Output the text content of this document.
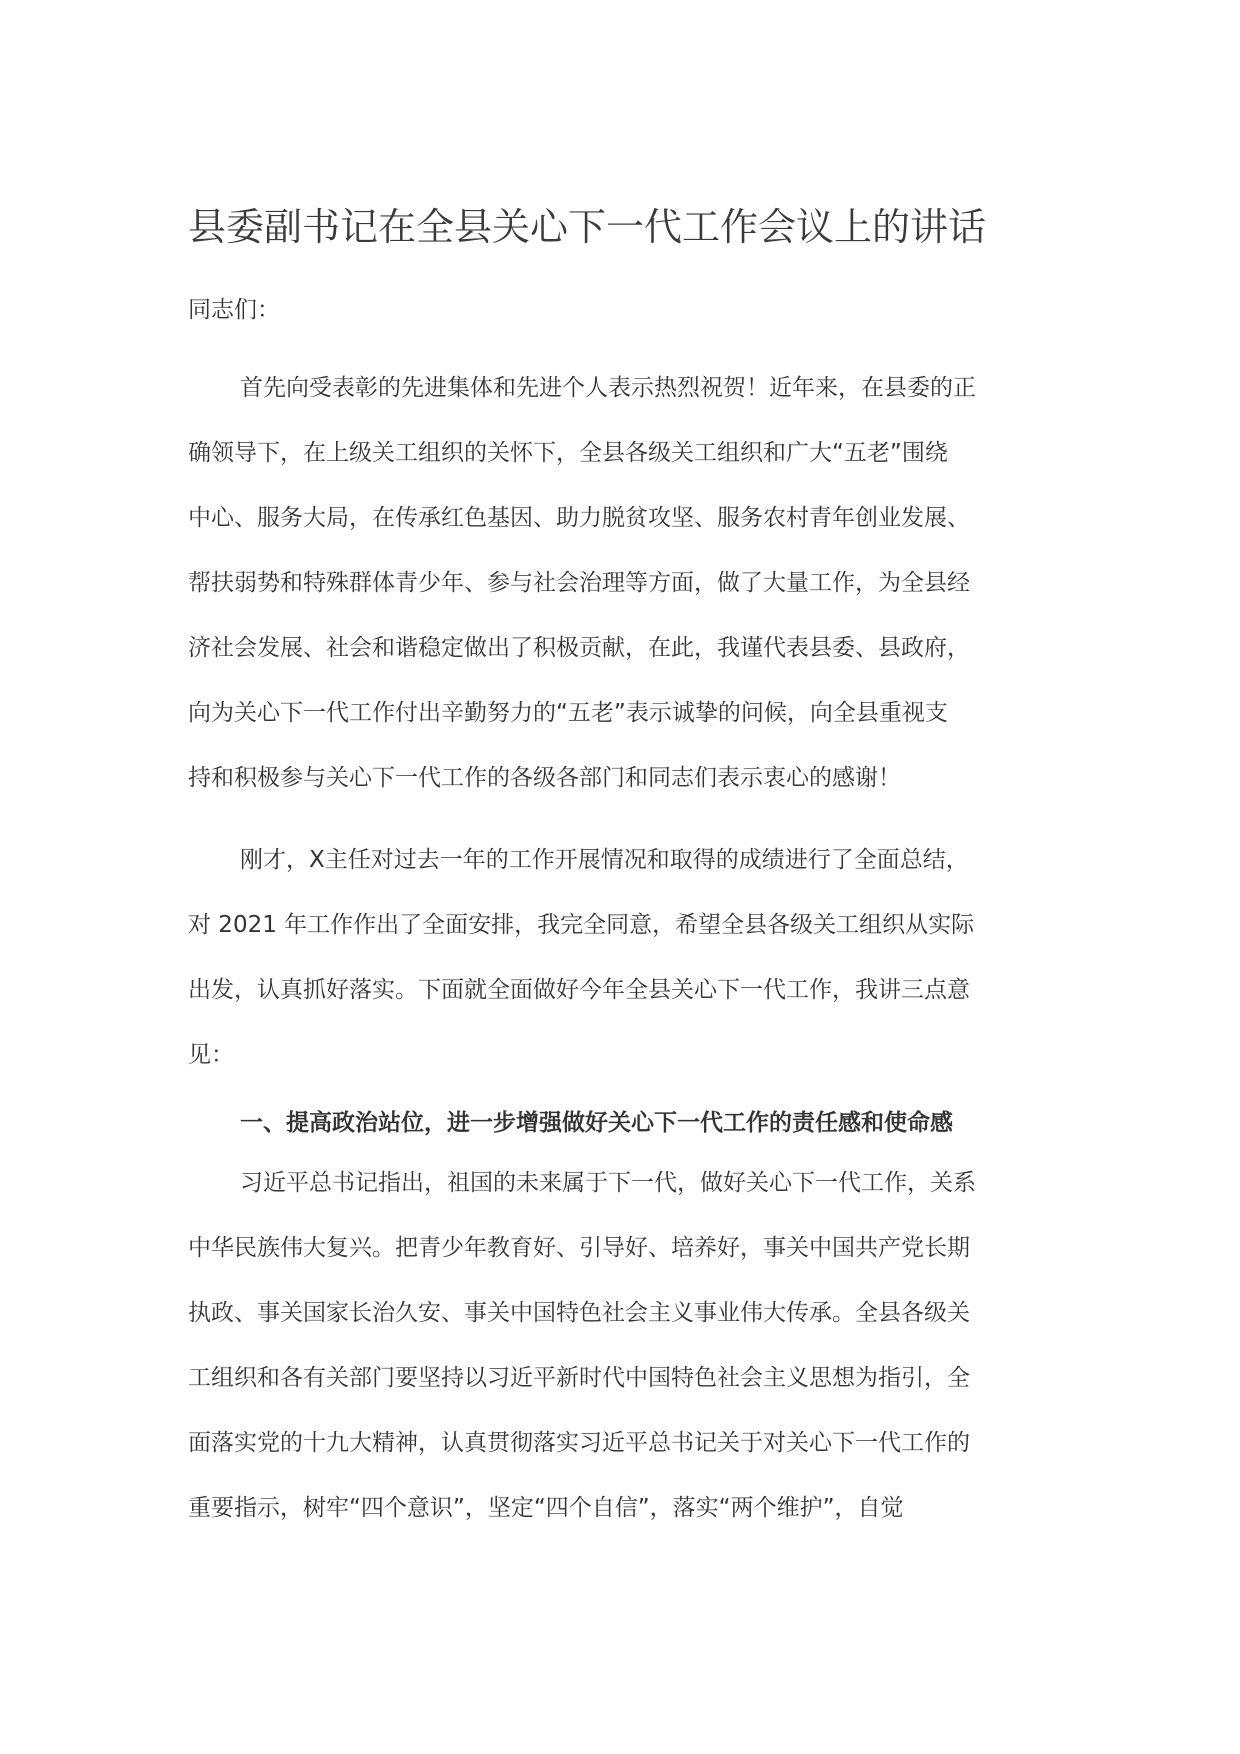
县委副书记在全县关心下一代工作会议上的讲话
同志们：
首先向受表彰的先进集体和先进个人表示热烈祝贺！近年来，在县委的正
确领导下，在上级关工组织的关怀下，全县各级关工组织和广大“五老”围绕
中心、服务大局，在传承红色基因、助力脱贫攻坚、服务农村青年创业发展、
帮扶弱势和特殊群体青少年、参与社会治理等方面，做了大量工作，为全县经
济社会发展、社会和谐稳定做出了积极贡献，在此，我谨代表县委、县政府，
向为关心下一代工作付出辛勤努力的“五老”表示诚挚的问候，向全县重视支
持和积极参与关心下一代工作的各级各部门和同志们表示衷心的感谢！
刚才，X主任对过去一年的工作开展情况和取得的成绩进行了全面总结，
对 2021 年工作作出了全面安排，我完全同意，希望全县各级关工组织从实际
出发，认真抓好落实。下面就全面做好今年全县关心下一代工作，我讲三点意
见：
一、提高政治站位，进一步增强做好关心下一代工作的责任感和使命感
习近平总书记指出，祖国的未来属于下一代，做好关心下一代工作，关系
中华民族伟大复兴。把青少年教育好、引导好、培养好，事关中国共产党长期
执政、事关国家长治久安、事关中国特色社会主义事业伟大传承。全县各级关
工组织和各有关部门要坚持以习近平新时代中国特色社会主义思想为指引，全
面落实党的十九大精神，认真贯彻落实习近平总书记关于对关心下一代工作的
重要指示，树牢“四个意识”，坚定“四个自信”，落实“两个维护”，自觉
